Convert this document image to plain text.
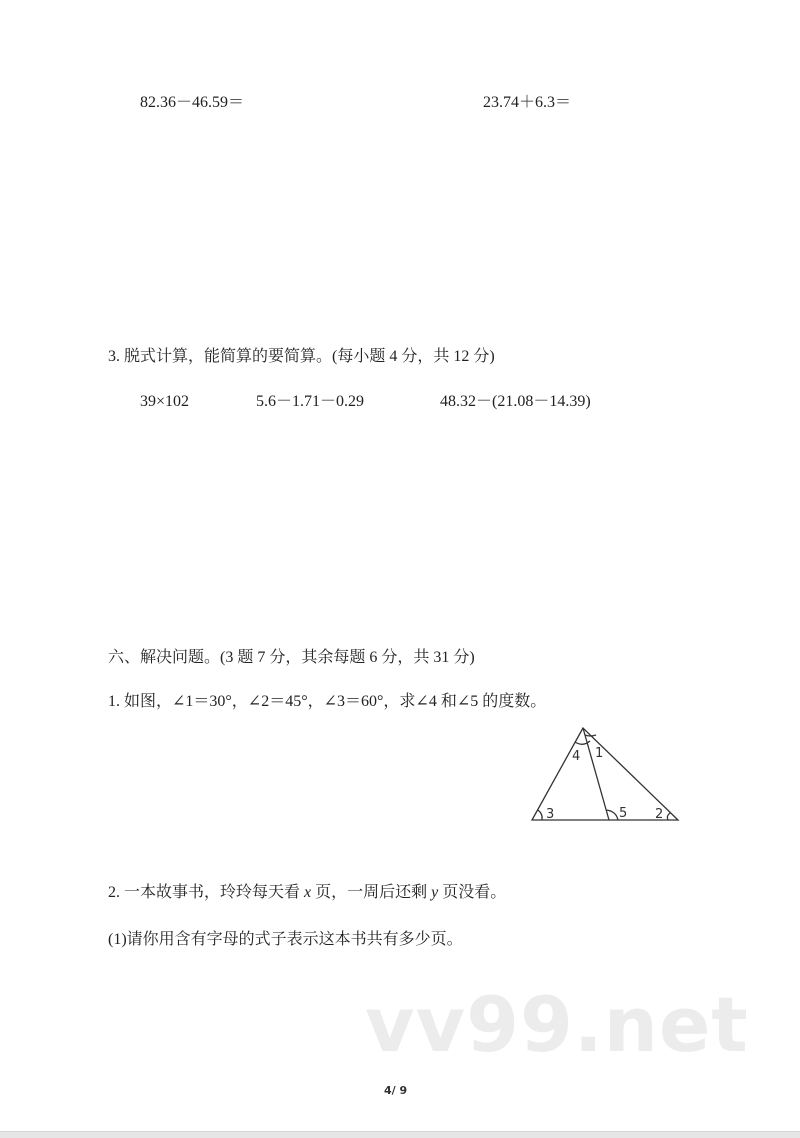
82.36－46.59＝	23.74＋6.3＝
3. 脱式计算，能简算的要简算。(每小题 4 分，共 12 分)
39×102	5.6－1.71－0.29	48.32－(21.08－14.39)
六、解决问题。(3 题 7 分，其余每题 6 分，共 31 分)
1. 如图，∠1＝30°，∠2＝45°，∠3＝60°，求∠4 和∠5 的度数。
4 1
3	5 2
2. 一本故事书，玲玲每天看 x 页，一周后还剩 y 页没看。
(1)请你用含有字母的式子表示这本书共有多少页。
vv99.net
4/ 9
